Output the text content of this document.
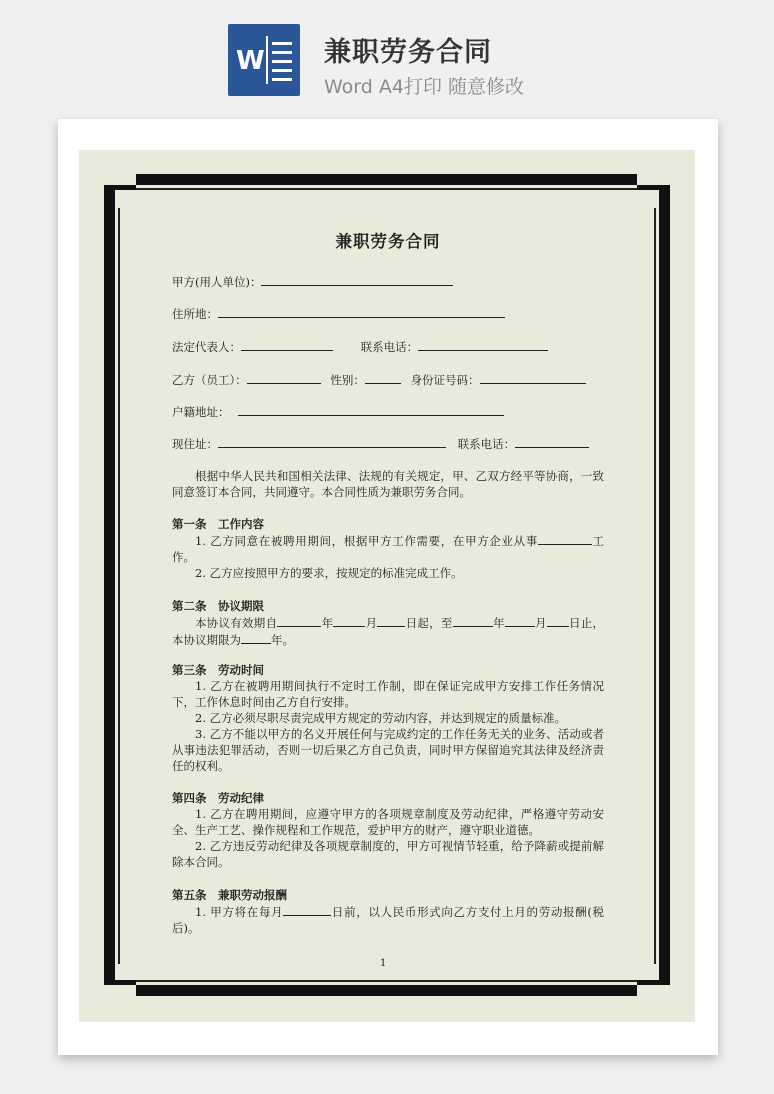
W 兼职劳务合同
Word A4打印 随意修改
兼职劳务合同
甲方(用人单位)：
住所地：
法定代表人：	联系电话：
乙方（员工）：	性别：	身份证号码：
户籍地址：
现住址：	联系电话：
根据中华人民共和国相关法律、法规的有关规定，甲、乙双方经平等协商，一致同意签订本合同，共同遵守。本合同性质为兼职劳务合同。
第一条　工作内容
1. 乙方同意在被聘用期间，根据甲方工作需要，在甲方企业从事	工作。
2. 乙方应按照甲方的要求，按规定的标准完成工作。
第二条　协议期限
本协议有效期自	年	月 日起，至	年	月 日止，本协议期限为	年。
第三条　劳动时间
1. 乙方在被聘用期间执行不定时工作制，即在保证完成甲方安排工作任务情况下，工作休息时间由乙方自行安排。
2. 乙方必须尽职尽责完成甲方规定的劳动内容，并达到规定的质量标准。
3. 乙方不能以甲方的名义开展任何与完成约定的工作任务无关的业务、活动或者从事违法犯罪活动，否则一切后果乙方自己负责，同时甲方保留追究其法律及经济责任的权利。
第四条　劳动纪律
1. 乙方在聘用期间，应遵守甲方的各项规章制度及劳动纪律，严格遵守劳动安全、生产工艺、操作规程和工作规范，爱护甲方的财产，遵守职业道德。
2. 乙方违反劳动纪律及各项规章制度的，甲方可视情节轻重，给予降薪或提前解除本合同。
第五条　兼职劳动报酬
1. 甲方将在每月	日前，以人民币形式向乙方支付上月的劳动报酬(税后)。
1
